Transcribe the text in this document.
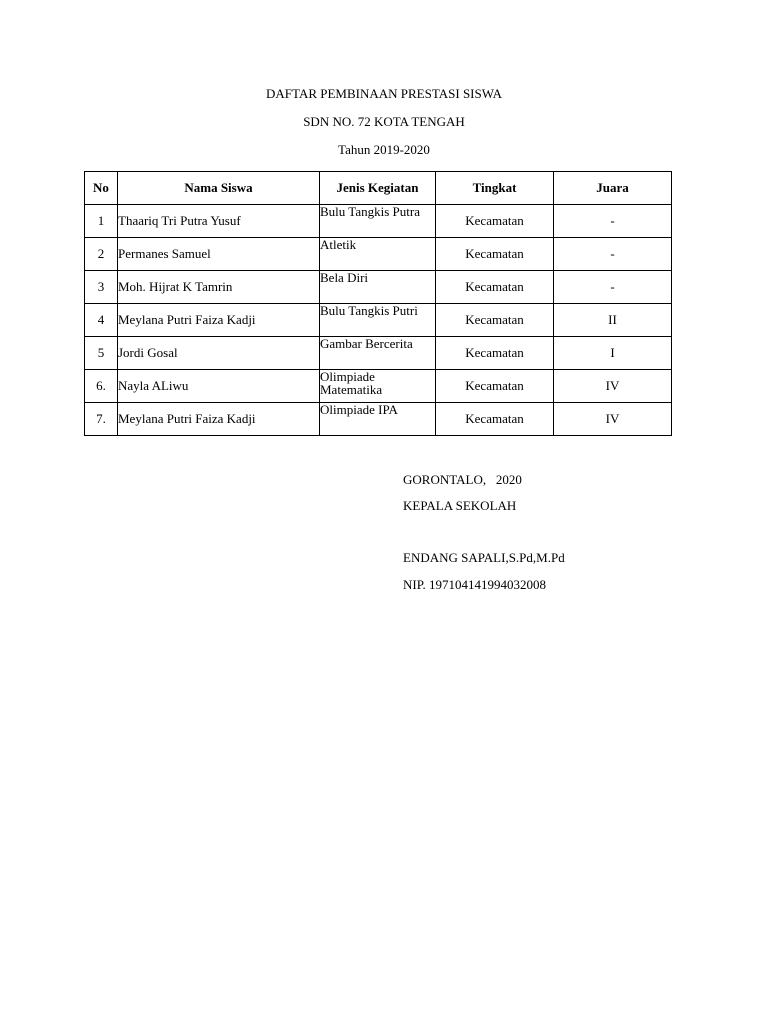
DAFTAR PEMBINAAN PRESTASI SISWA
SDN NO. 72 KOTA TENGAH
Tahun 2019-2020
No	Nama Siswa	Jenis Kegiatan	Tingkat	Juara
1	Thaariq Tri Putra Yusuf	Bulu Tangkis Putra	Kecamatan	-
2	Permanes Samuel	Atletik	Kecamatan	-
3	Moh. Hijrat K Tamrin	Bela Diri	Kecamatan	-
4	Meylana Putri Faiza Kadji	Bulu Tangkis Putri	Kecamatan	II
5	Jordi Gosal	Gambar Bercerita	Kecamatan	I
6.	Nayla ALiwu	Olimpiade Matematika	Kecamatan	IV
7.	Meylana Putri Faiza Kadji	Olimpiade IPA	Kecamatan	IV
GORONTALO,   2020
KEPALA SEKOLAH
ENDANG SAPALI,S.Pd,M.Pd
NIP. 197104141994032008
